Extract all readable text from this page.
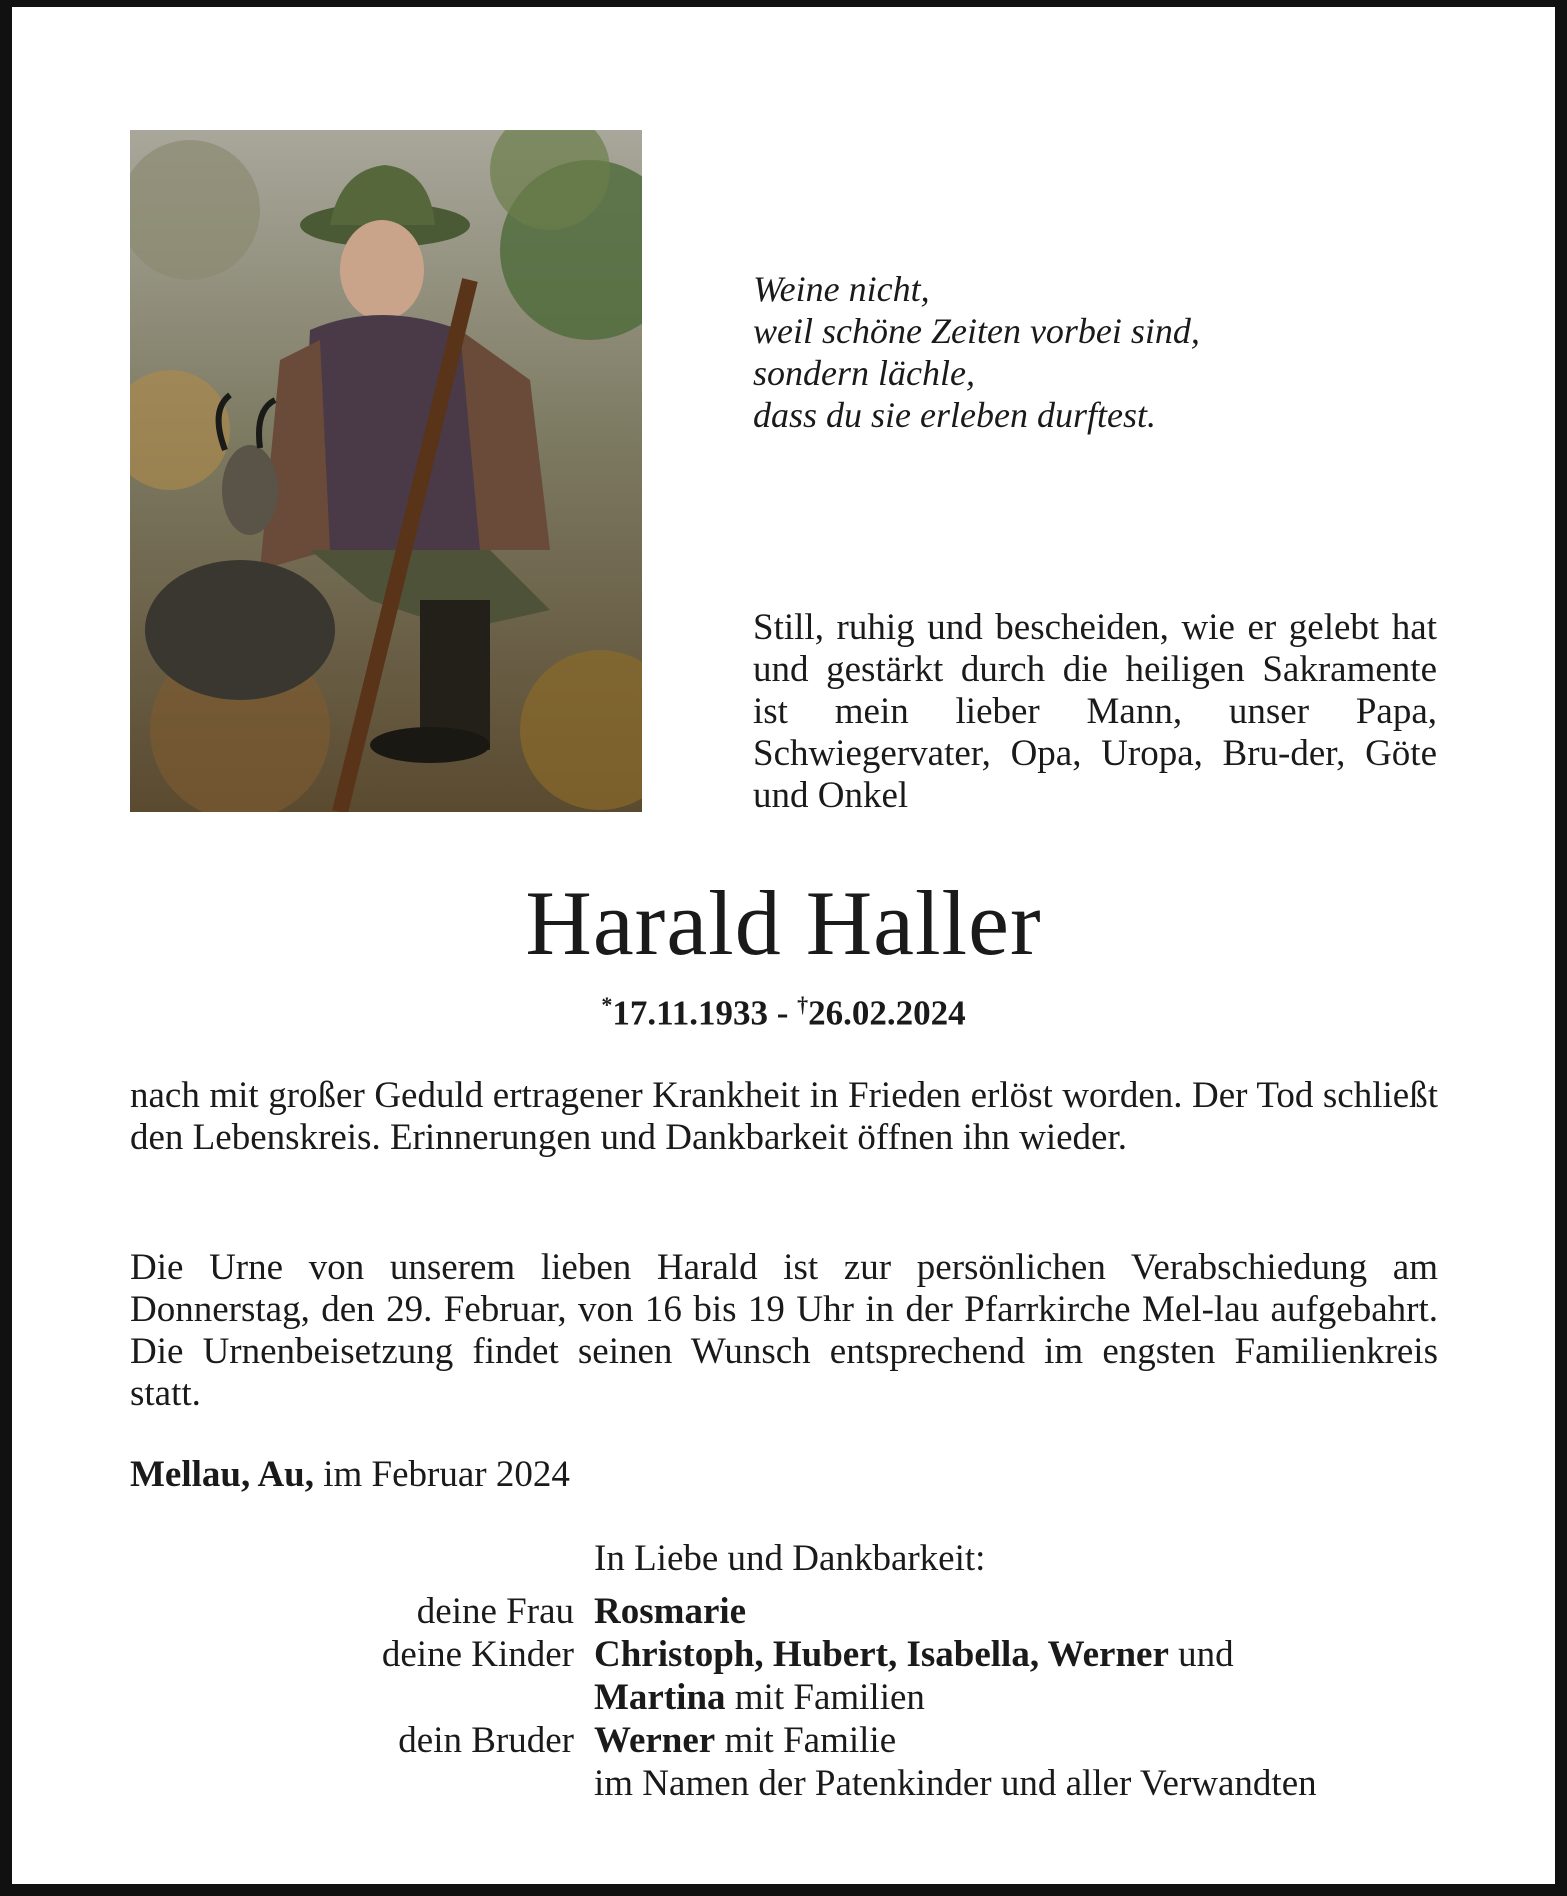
Weine nicht,
weil schöne Zeiten vorbei sind,
sondern lächle,
dass du sie erleben durftest.
Still, ruhig und bescheiden, wie er gelebt hat und gestärkt durch die heiligen Sakramente ist mein lieber Mann, unser Papa, Schwiegervater, Opa, Uropa, Bru-der, Göte und Onkel
Harald Haller
*17.11.1933 - †26.02.2024
nach mit großer Geduld ertragener Krankheit in Frieden erlöst worden. Der Tod schließt den Lebenskreis. Erinnerungen und Dankbarkeit öffnen ihn wieder.
Die Urne von unserem lieben Harald ist zur persönlichen Verabschiedung am Donnerstag, den 29. Februar, von 16 bis 19 Uhr in der Pfarrkirche Mel-lau aufgebahrt. Die Urnenbeisetzung findet seinen Wunsch entsprechend im engsten Familienkreis statt.
Mellau, Au, im Februar 2024
In Liebe und Dankbarkeit:
deine Frau Rosmarie
deine Kinder Christoph, Hubert, Isabella, Werner und
Martina mit Familien
dein Bruder Werner mit Familie
im Namen der Patenkinder und aller Verwandten
